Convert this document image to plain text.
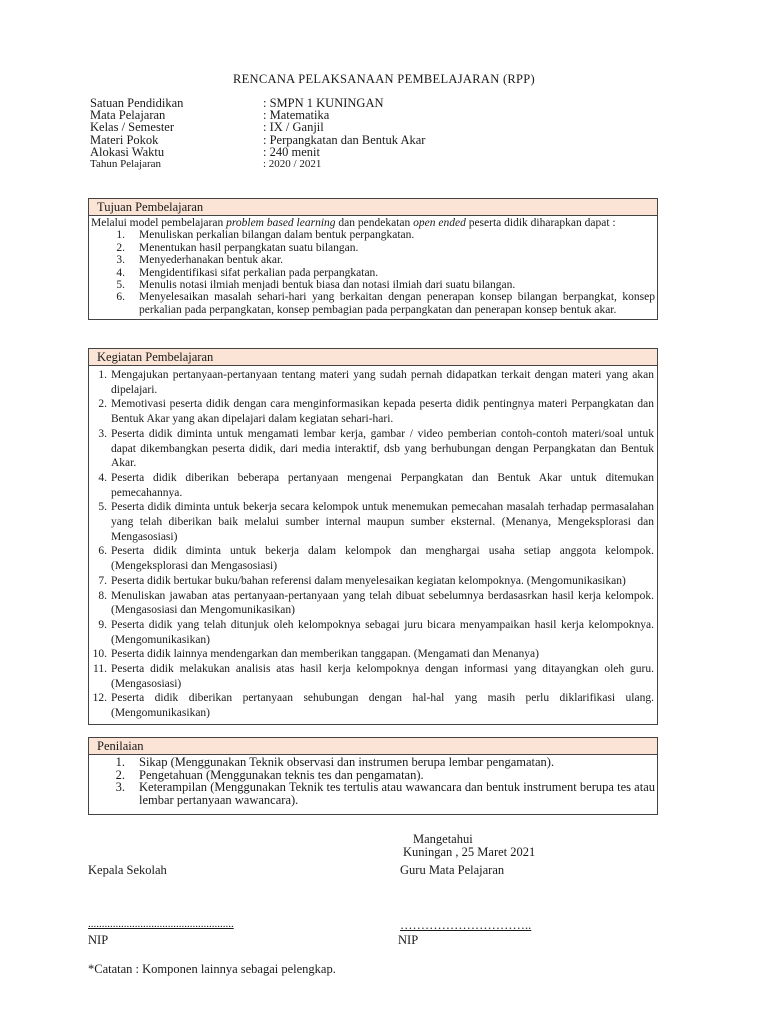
RENCANA PELAKSANAAN PEMBELAJARAN (RPP)
Satuan Pendidikan	: SMPN 1 KUNINGAN
Mata Pelajaran	: Matematika
Kelas / Semester	: IX / Ganjil
Materi Pokok	: Perpangkatan dan Bentuk Akar
Alokasi Waktu	: 240 menit
Tahun Pelajaran	: 2020 / 2021
Tujuan Pembelajaran
Melalui model pembelajaran problem based learning dan pendekatan open ended peserta didik diharapkan dapat :
1.	Menuliskan perkalian bilangan dalam bentuk perpangkatan.
2.	Menentukan hasil perpangkatan suatu bilangan.
3.	Menyederhanakan bentuk akar.
4.	Mengidentifikasi sifat perkalian pada perpangkatan.
5.	Menulis notasi ilmiah menjadi bentuk biasa dan notasi ilmiah dari suatu bilangan.
6.	Menyelesaikan masalah sehari-hari yang berkaitan dengan penerapan konsep bilangan berpangkat, konsep perkalian pada perpangkatan, konsep pembagian pada perpangkatan dan penerapan konsep bentuk akar.
Kegiatan Pembelajaran
1. Mengajukan pertanyaan-pertanyaan tentang materi yang sudah pernah didapatkan terkait dengan materi yang akan dipelajari.
2. Memotivasi peserta didik dengan cara menginformasikan kepada peserta didik pentingnya materi Perpangkatan dan Bentuk Akar yang akan dipelajari dalam kegiatan sehari-hari.
3. Peserta didik diminta untuk mengamati lembar kerja, gambar / video pemberian contoh-contoh materi/soal untuk dapat dikembangkan peserta didik, dari media interaktif, dsb yang berhubungan dengan Perpangkatan dan Bentuk Akar.
4. Peserta didik diberikan beberapa pertanyaan mengenai Perpangkatan dan Bentuk Akar untuk ditemukan pemecahannya.
5. Peserta didik diminta untuk bekerja secara kelompok untuk menemukan pemecahan masalah terhadap permasalahan yang telah diberikan baik melalui sumber internal maupun sumber eksternal. (Menanya, Mengeksplorasi dan Mengasosiasi)
6. Peserta didik diminta untuk bekerja dalam kelompok dan menghargai usaha setiap anggota kelompok. (Mengeksplorasi dan Mengasosiasi)
7. Peserta didik bertukar buku/bahan referensi dalam menyelesaikan kegiatan kelompoknya. (Mengomunikasikan)
8. Menuliskan jawaban atas pertanyaan-pertanyaan yang telah dibuat sebelumnya berdasasrkan hasil kerja kelompok. (Mengasosiasi dan Mengomunikasikan)
9. Peserta didik yang telah ditunjuk oleh kelompoknya sebagai juru bicara menyampaikan hasil kerja kelompoknya. (Mengomunikasikan)
10. Peserta didik lainnya mendengarkan dan memberikan tanggapan. (Mengamati dan Menanya)
11. Peserta didik melakukan analisis atas hasil kerja kelompoknya dengan informasi yang ditayangkan oleh guru. (Mengasosiasi)
12. Peserta didik diberikan pertanyaan sehubungan dengan hal-hal yang masih perlu diklarifikasi ulang. (Mengomunikasikan)
Penilaian
1.	Sikap (Menggunakan Teknik observasi dan instrumen berupa lembar pengamatan).
2.	Pengetahuan (Menggunakan teknis tes dan pengamatan).
3.	Keterampilan (Menggunakan Teknik tes tertulis atau wawancara dan bentuk instrument berupa tes atau lembar pertanyaan wawancara).
Mangetahui
Kuningan , 25 Maret 2021
Kepala Sekolah	Guru Mata Pelajaran
.....................................................	…………………………..
NIP	NIP
*Catatan : Komponen lainnya sebagai pelengkap.
